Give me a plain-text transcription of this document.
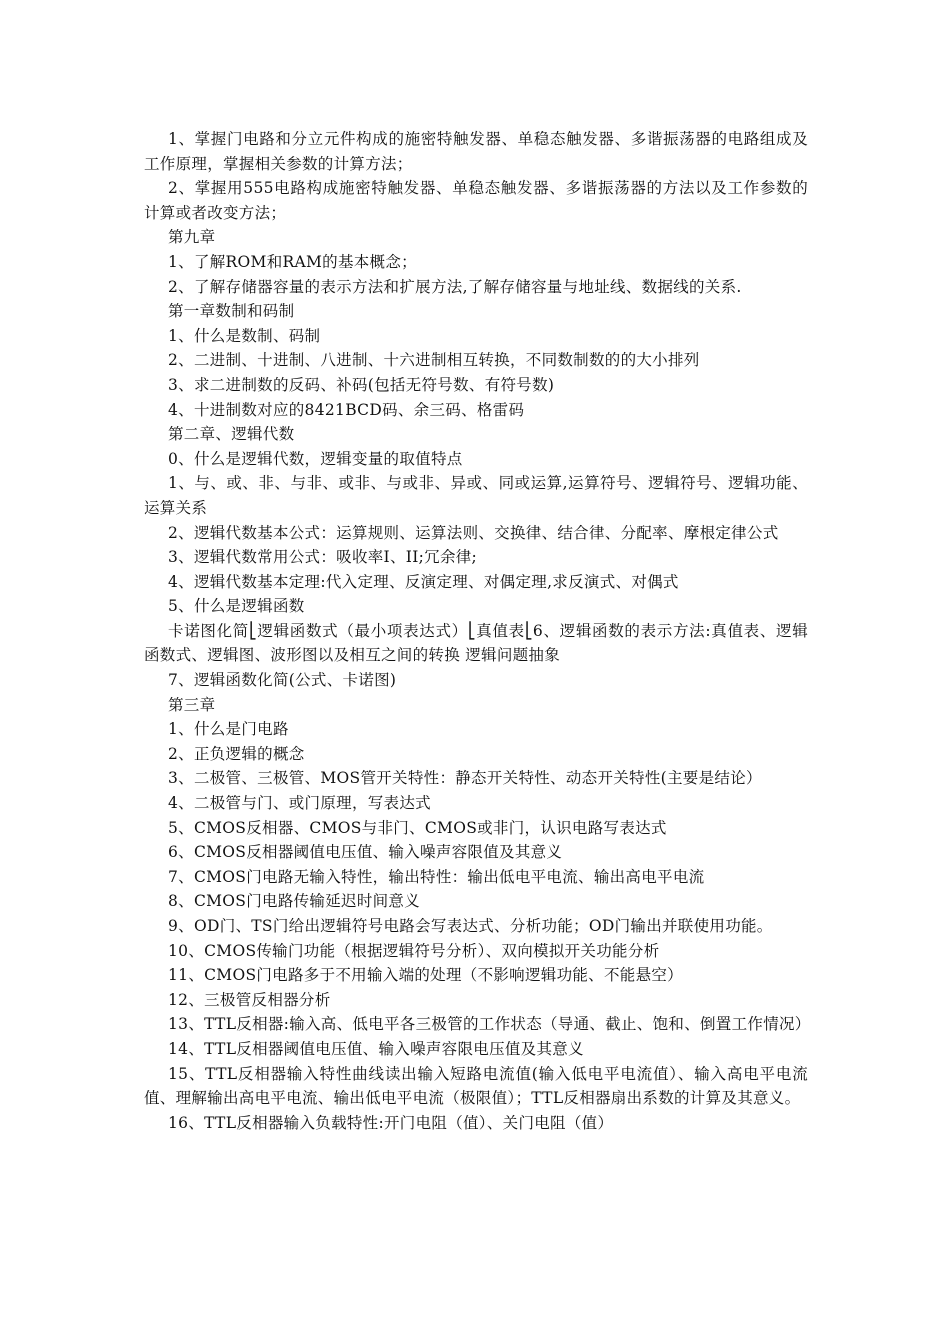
1、掌握门电路和分立元件构成的施密特触发器、单稳态触发器、多谐振荡器的电路组成及工作原理，掌握相关参数的计算方法；

2、掌握用555电路构成施密特触发器、单稳态触发器、多谐振荡器的方法以及工作参数的计算或者改变方法；

第九章

1、了解ROM和RAM的基本概念；

2、了解存储器容量的表示方法和扩展方法,了解存储容量与地址线、数据线的关系.

第一章数制和码制

1、什么是数制、码制

2、二进制、十进制、八进制、十六进制相互转换，不同数制数的的大小排列

3、求二进制数的反码、补码(包括无符号数、有符号数)

4、十进制数对应的8421BCD码、余三码、格雷码

第二章、逻辑代数

0、什么是逻辑代数，逻辑变量的取值特点

1、与、或、非、与非、或非、与或非、异或、同或运算,运算符号、逻辑符号、逻辑功能、运算关系

2、逻辑代数基本公式：运算规则、运算法则、交换律、结合律、分配率、摩根定律公式

3、逻辑代数常用公式：吸收率I、II;冗余律;

4、逻辑代数基本定理:代入定理、反演定理、对偶定理,求反演式、对偶式

5、什么是逻辑函数

卡诺图化简⎣逻辑函数式（最小项表达式）⎣真值表⎣6、逻辑函数的表示方法:真值表、逻辑函数式、逻辑图、波形图以及相互之间的转换 逻辑问题抽象

7、逻辑函数化简(公式、卡诺图)

第三章

1、什么是门电路

2、正负逻辑的概念

3、二极管、三极管、MOS管开关特性：静态开关特性、动态开关特性(主要是结论）

4、二极管与门、或门原理，写表达式

5、CMOS反相器、CMOS与非门、CMOS或非门，认识电路写表达式

6、CMOS反相器阈值电压值、输入噪声容限值及其意义

7、CMOS门电路无输入特性，输出特性：输出低电平电流、输出高电平电流

8、CMOS门电路传输延迟时间意义

9、OD门、TS门给出逻辑符号电路会写表达式、分析功能；OD门输出并联使用功能。

10、CMOS传输门功能（根据逻辑符号分析）、双向模拟开关功能分析

11、CMOS门电路多于不用输入端的处理（不影响逻辑功能、不能悬空）

12、三极管反相器分析

13、TTL反相器:输入高、低电平各三极管的工作状态（导通、截止、饱和、倒置工作情况）

14、TTL反相器阈值电压值、输入噪声容限电压值及其意义

15、TTL反相器输入特性曲线读出输入短路电流值(输入低电平电流值）、输入高电平电流值、理解输出高电平电流、输出低电平电流（极限值）；TTL反相器扇出系数的计算及其意义。

16、TTL反相器输入负载特性:开门电阻（值）、关门电阻（值）
